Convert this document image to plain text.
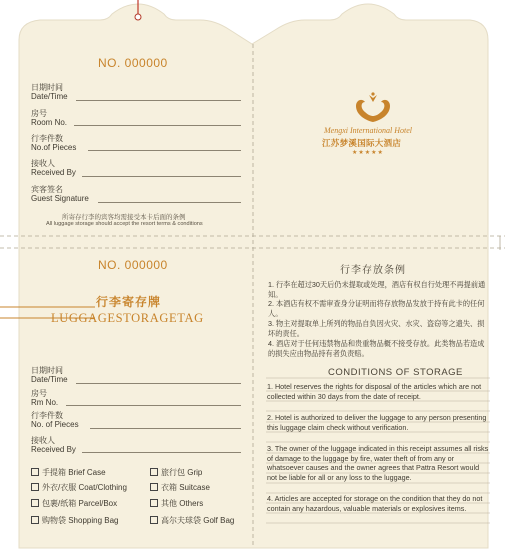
NO. 000000
日期时间
Date/Time
房号
Room No.
行李件数
No.of Pieces
接收人
Received By
宾客签名
Guest Signature
所寄存行李的宾客均需接受本卡后面的条例
All luggage storage should accept the resort terms & conditions
Mengxi International Hotel
江苏梦溪国际大酒店
★★★★★
NO. 000000
行李寄存牌
LUGGAGESTORAGETAG
日期时间
Date/Time
房号
Rm No.
行李件数
No. of Pieces
接收人
Received By
手提箱 Brief Case	旅行包 Grip
外衣/衣服 Coat/Clothing	衣箱 Suitcase
包裹/纸箱 Parcel/Box	其他 Others
购物袋 Shopping Bag	高尔夫球袋 Golf Bag
行李存放条例
1. 行李在超过30天后仍未提取或处理，酒店有权自行处理不再提前通知。
2. 本酒店有权不需审查身分证明而将存放物品发放于持有此卡的任何人。
3. 物主对提取单上所列的物品自负因火灾、水灾、盗窃等之遗失、损坏的责任。
4. 酒店对于任何违禁物品和贵重物品概不接受存放。此类物品若造成的损失应由物品持有者负责赔。
CONDITIONS OF STORAGE
1. Hotel reserves the rights for disposal of the articles which are not collected within 30 days from the date of receipt.
2. Hotel is authorized to deliver the luggage to any person presenting this luggage claim check without verification.
3. The owner of the luggage indicated in this receipt assumes all risks of damage to the luggage by fire, water theft of from any or whatsoever causes and the owner agrees that Pattra Resort would not be liable for all or any loss to the luggage.
4. Articles are accepted for storage on the condition that they do not contain any hazardous, valuable materials or explosives items.
